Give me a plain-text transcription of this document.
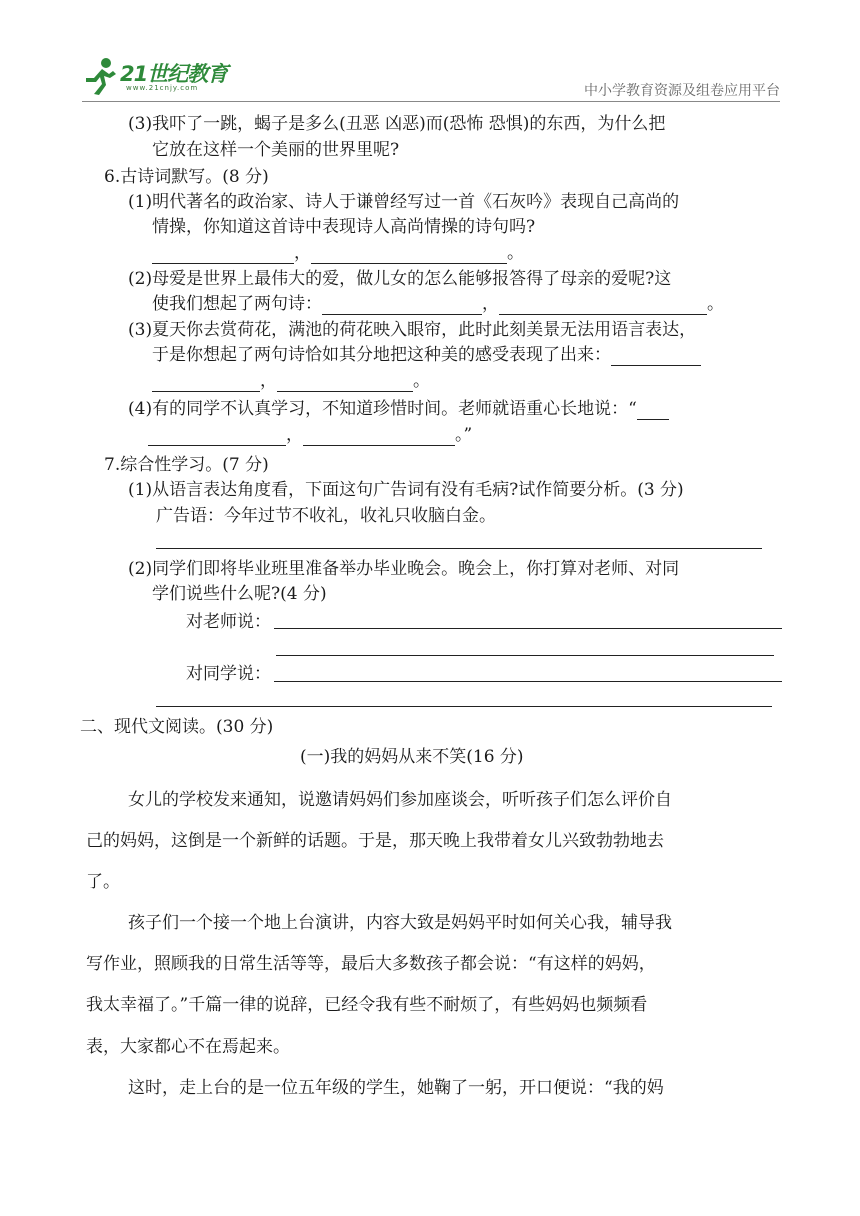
21世纪教育
www.21cnjy.com	中小学教育资源及组卷应用平台
(3)我吓了一跳，蝎子是多么(丑恶 凶恶)而(恐怖 恐惧)的东西，为什么把
它放在这样一个美丽的世界里呢?
6.古诗词默写。(8 分)
(1)明代著名的政治家、诗人于谦曾经写过一首《石灰吟》表现自己高尚的
情操，你知道这首诗中表现诗人高尚情操的诗句吗?
，	。
(2)母爱是世界上最伟大的爱，做儿女的怎么能够报答得了母亲的爱呢?这
使我们想起了两句诗：	，	。
(3)夏天你去赏荷花，满池的荷花映入眼帘，此时此刻美景无法用语言表达，
于是你想起了两句诗恰如其分地把这种美的感受表现了出来：
，	。
(4)有的同学不认真学习，不知道珍惜时间。老师就语重心长地说：“
，	。”
7.综合性学习。(7 分)
(1)从语言表达角度看，下面这句广告词有没有毛病?试作简要分析。(3 分)
广告语：今年过节不收礼，收礼只收脑白金。
(2)同学们即将毕业班里准备举办毕业晚会。晚会上，你打算对老师、对同
学们说些什么呢?(4 分)
对老师说：
对同学说：
二、现代文阅读。(30 分)
(一)我的妈妈从来不笑(16 分)
女儿的学校发来通知，说邀请妈妈们参加座谈会，听听孩子们怎么评价自
己的妈妈，这倒是一个新鲜的话题。于是，那天晚上我带着女儿兴致勃勃地去
了。
孩子们一个接一个地上台演讲，内容大致是妈妈平时如何关心我，辅导我
写作业，照顾我的日常生活等等，最后大多数孩子都会说：“有这样的妈妈，
我太幸福了。”千篇一律的说辞，已经令我有些不耐烦了，有些妈妈也频频看
表，大家都心不在焉起来。
这时，走上台的是一位五年级的学生，她鞠了一躬，开口便说：“我的妈
